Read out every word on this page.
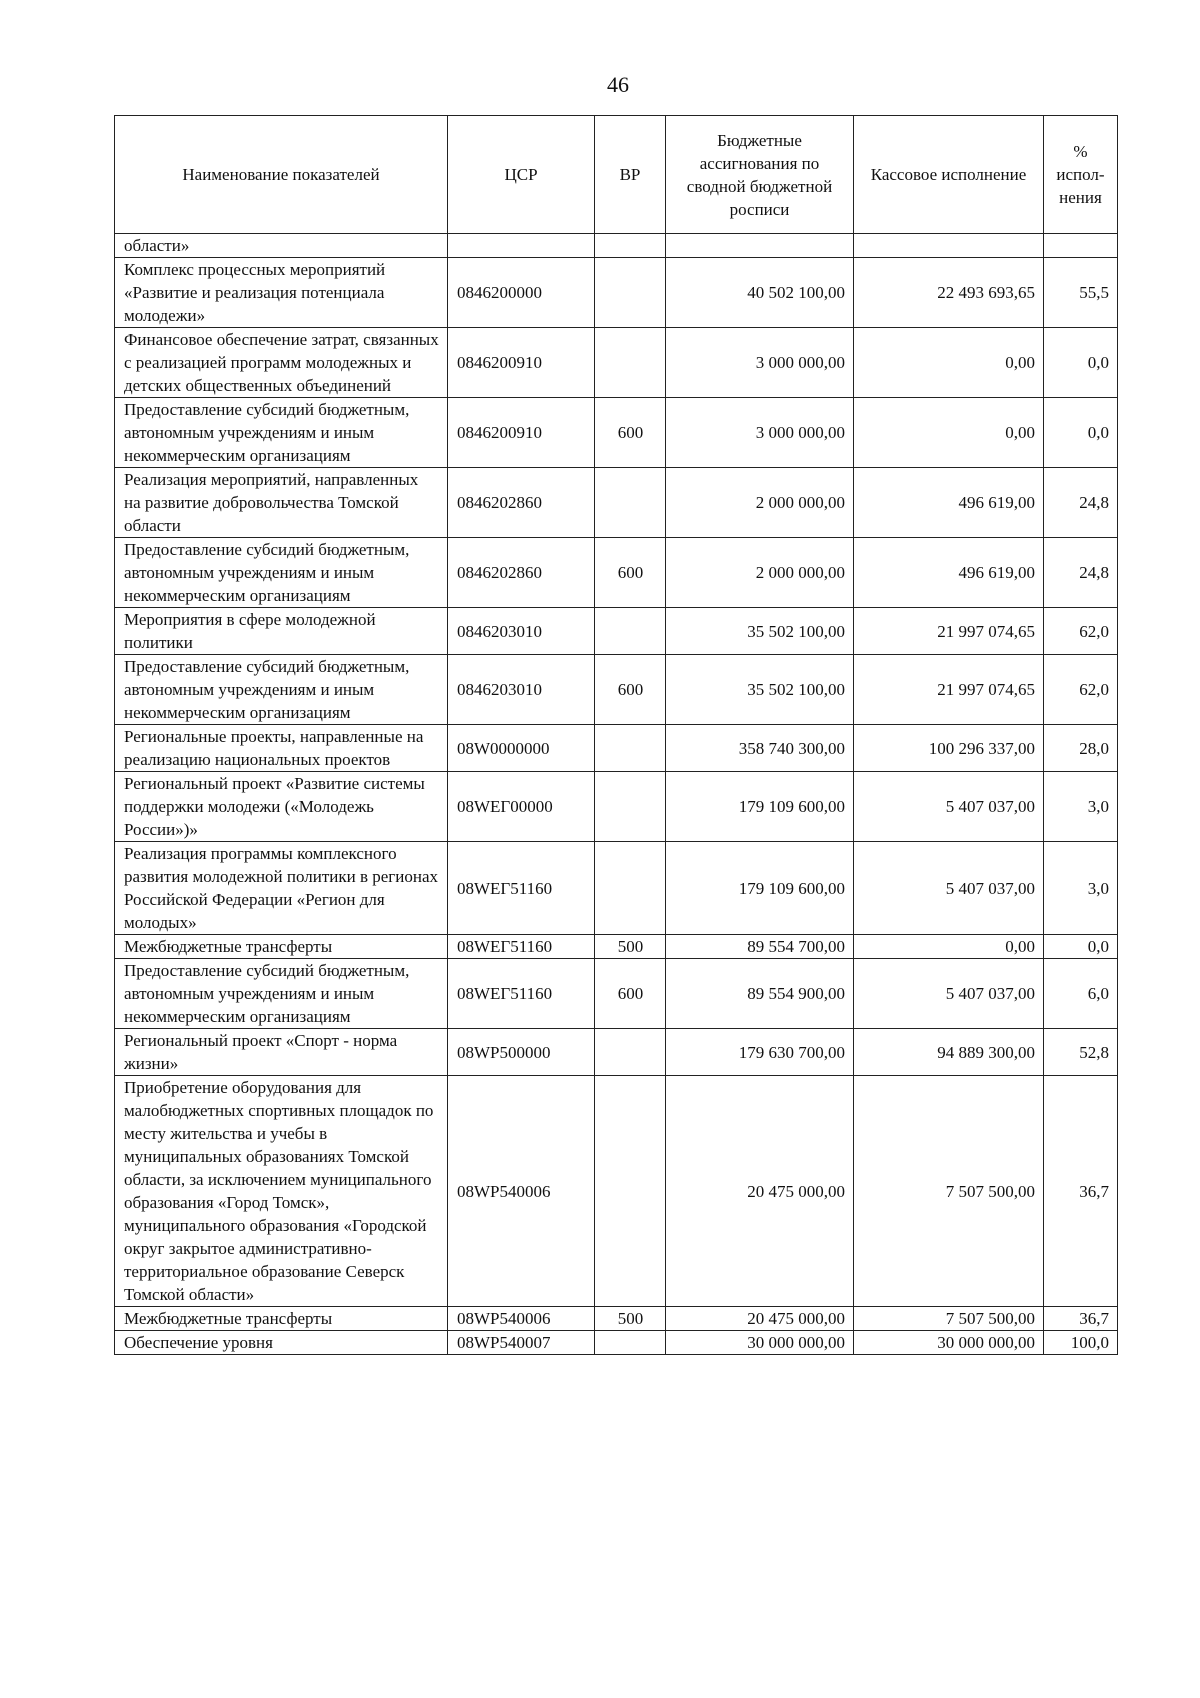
46
Наименование показателей	ЦСР	ВР	Бюджетные ассигнования по сводной бюджетной росписи	Кассовое исполнение	% испол-нения
области»					
Комплекс процессных мероприятий «Развитие и реализация потенциала молодежи»	0846200000		40 502 100,00	22 493 693,65	55,5
Финансовое обеспечение затрат, связанных с реализацией программ молодежных и детских общественных объединений	0846200910		3 000 000,00	0,00	0,0
Предоставление субсидий бюджетным, автономным учреждениям и иным некоммерческим организациям	0846200910	600	3 000 000,00	0,00	0,0
Реализация мероприятий, направленных на развитие добровольчества Томской области	0846202860		2 000 000,00	496 619,00	24,8
Предоставление субсидий бюджетным, автономным учреждениям и иным некоммерческим организациям	0846202860	600	2 000 000,00	496 619,00	24,8
Мероприятия в сфере молодежной политики	0846203010		35 502 100,00	21 997 074,65	62,0
Предоставление субсидий бюджетным, автономным учреждениям и иным некоммерческим организациям	0846203010	600	35 502 100,00	21 997 074,65	62,0
Региональные проекты, направленные на реализацию национальных проектов	08W0000000		358 740 300,00	100 296 337,00	28,0
Региональный проект «Развитие системы поддержки молодежи («Молодежь России»)»	08WEГ00000		179 109 600,00	5 407 037,00	3,0
Реализация программы комплексного развития молодежной политики в регионах Российской Федерации «Регион для молодых»	08WEГ51160		179 109 600,00	5 407 037,00	3,0
Межбюджетные трансферты	08WEГ51160	500	89 554 700,00	0,00	0,0
Предоставление субсидий бюджетным, автономным учреждениям и иным некоммерческим организациям	08WEГ51160	600	89 554 900,00	5 407 037,00	6,0
Региональный проект «Спорт - норма жизни»	08WP500000		179 630 700,00	94 889 300,00	52,8
Приобретение оборудования для малобюджетных спортивных площадок по месту жительства и учебы в муниципальных образованиях Томской области, за исключением муниципального образования «Город Томск», муниципального образования «Городской округ закрытое административно-территориальное образование Северск Томской области»	08WP540006		20 475 000,00	7 507 500,00	36,7
Межбюджетные трансферты	08WP540006	500	20 475 000,00	7 507 500,00	36,7
Обеспечение уровня	08WP540007		30 000 000,00	30 000 000,00	100,0
